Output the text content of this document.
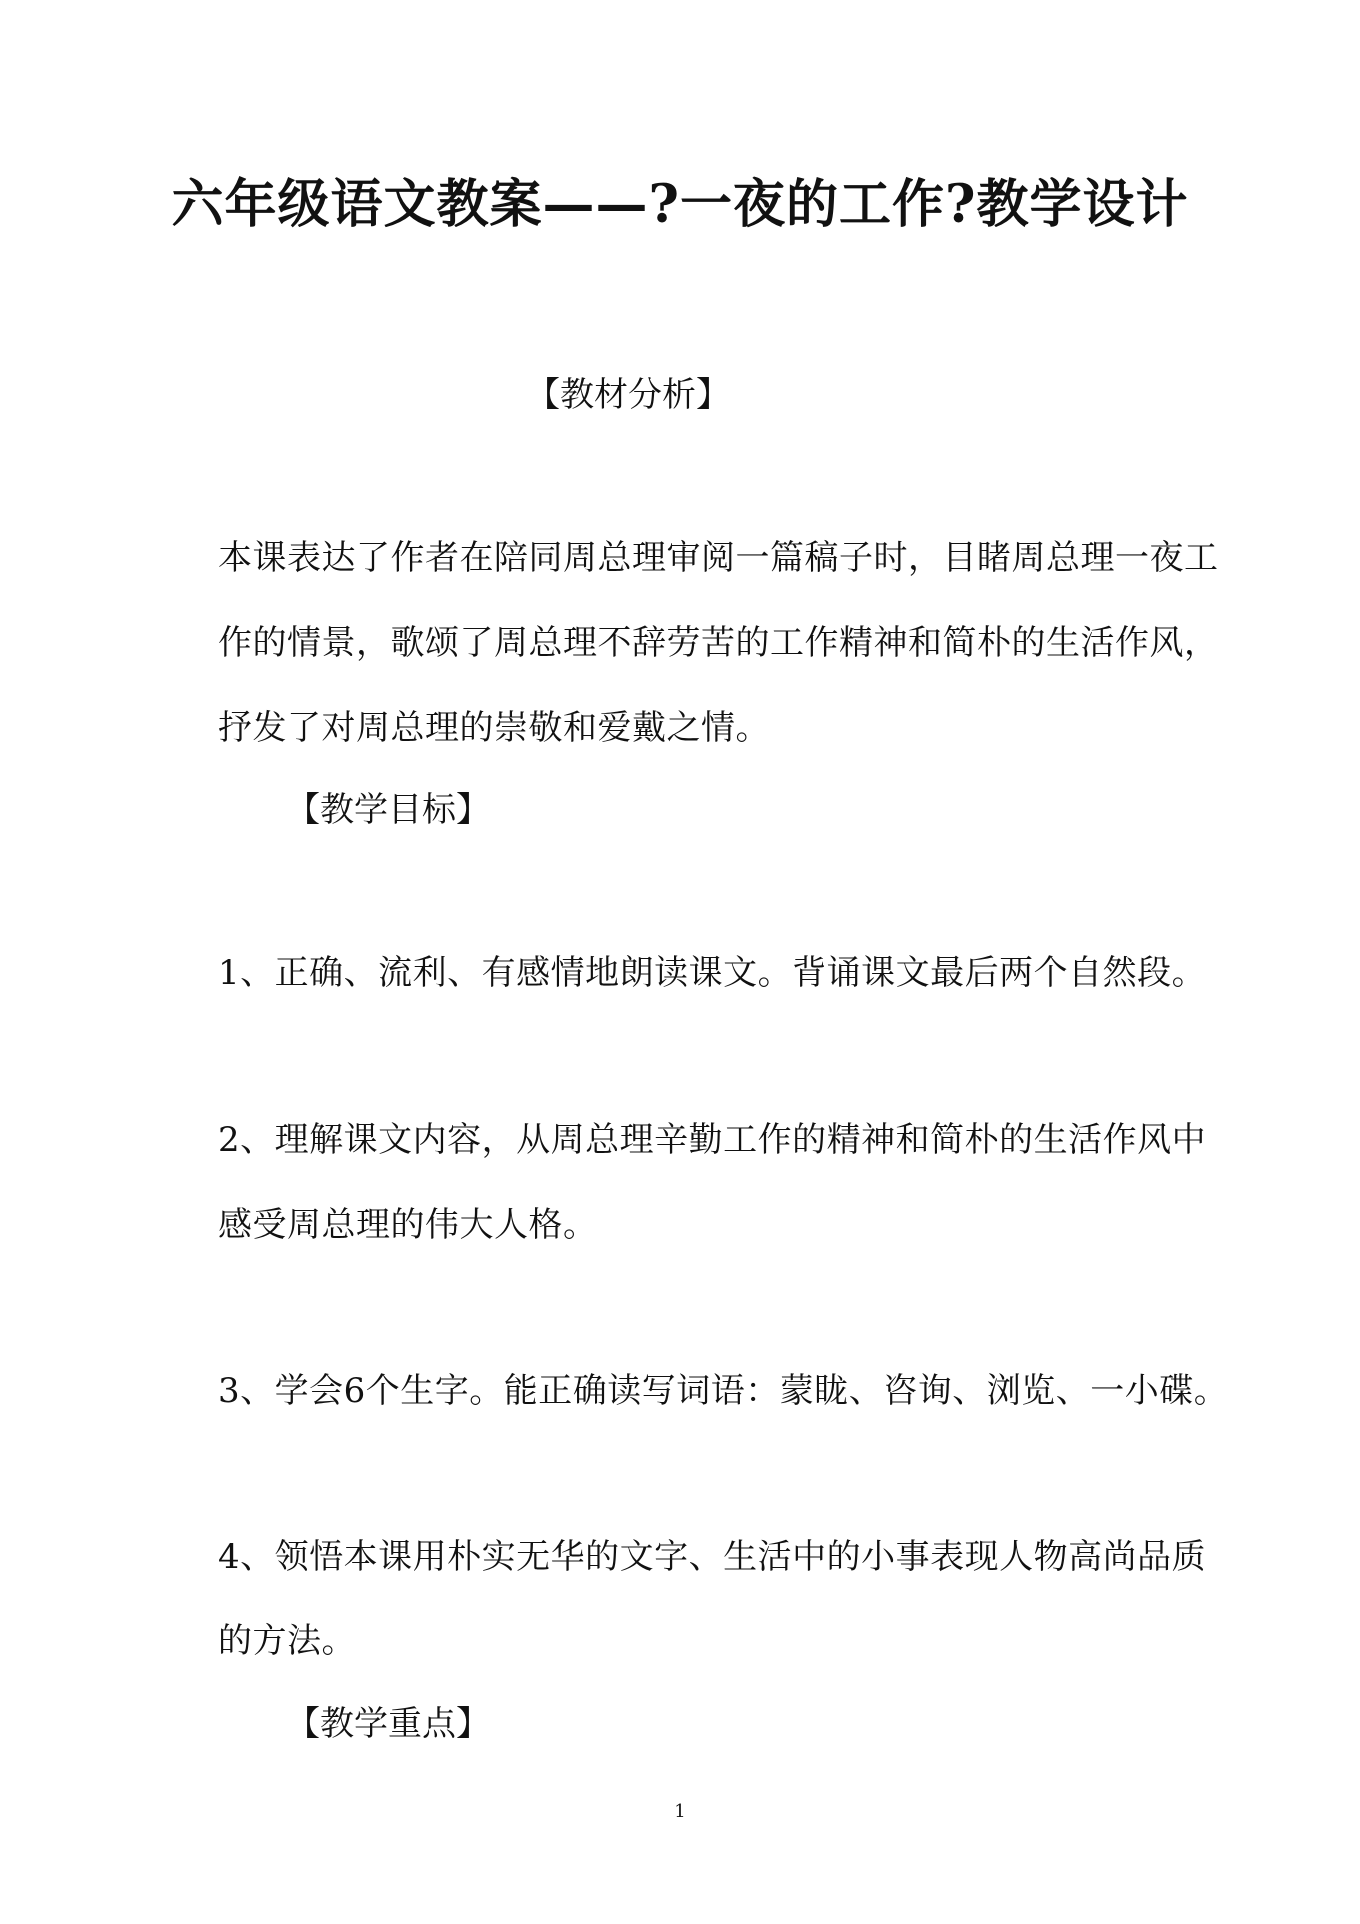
六年级语文教案——?一夜的工作?教学设计
【教材分析】
本课表达了作者在陪同周总理审阅一篇稿子时，目睹周总理一夜工
作的情景，歌颂了周总理不辞劳苦的工作精神和简朴的生活作风，
抒发了对周总理的崇敬和爱戴之情。
【教学目标】
1、正确、流利、有感情地朗读课文。背诵课文最后两个自然段。
2、理解课文内容，从周总理辛勤工作的精神和简朴的生活作风中
感受周总理的伟大人格。
3、学会6个生字。能正确读写词语：蒙眬、咨询、浏览、一小碟。
4、领悟本课用朴实无华的文字、生活中的小事表现人物高尚品质
的方法。
【教学重点】
1
